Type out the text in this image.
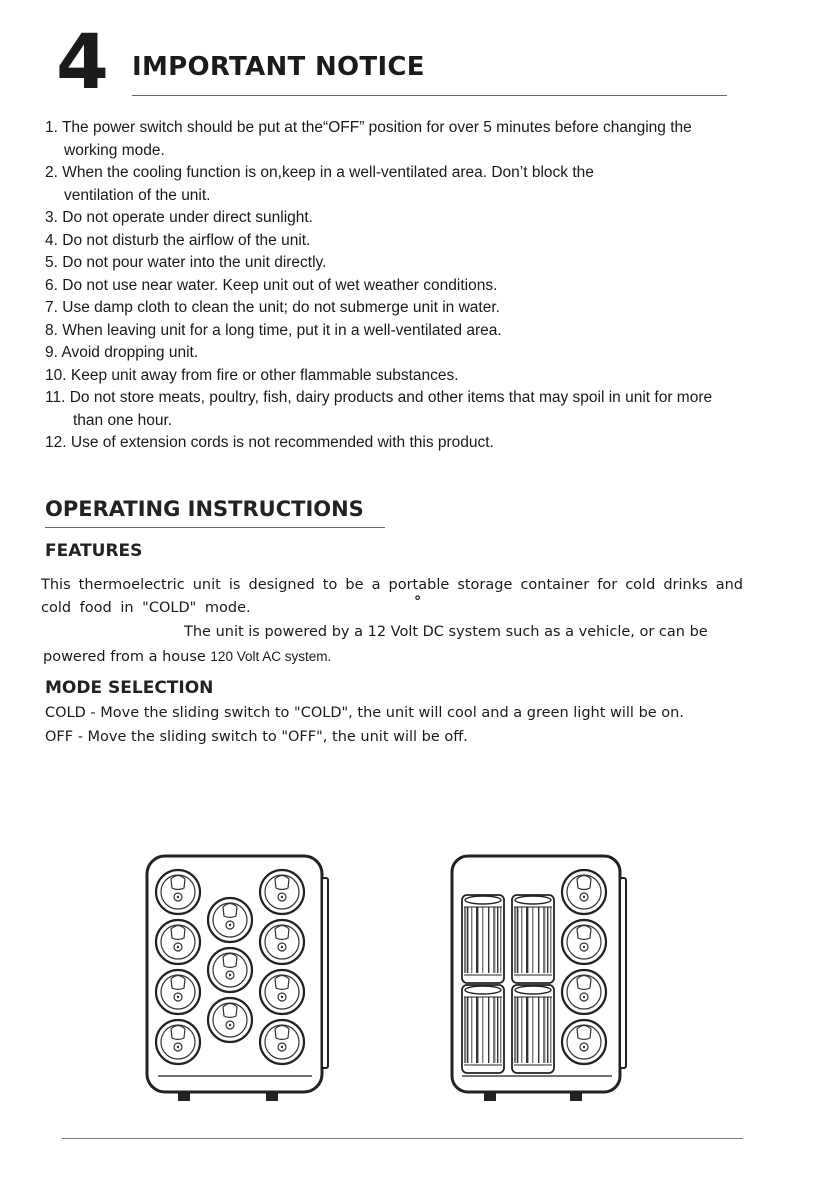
4 IMPORTANT NOTICE
1. The power switch should be put at the“OFF” position for over 5 minutes before changing the
working mode.
2. When the cooling function is on,keep in a well-ventilated area. Don’t block the
ventilation of the unit.
3. Do not operate under direct sunlight.
4. Do not disturb the airflow of the unit.
5. Do not pour water into the unit directly.
6. Do not use near water. Keep unit out of wet weather conditions.
7. Use damp cloth to clean the unit; do not submerge unit in water.
8. When leaving unit for a long time, put it in a well-ventilated area.
9. Avoid dropping unit.
10. Keep unit away from fire or other flammable substances.
11. Do not store meats, poultry, fish, dairy products and other items that may spoil in unit for more
than one hour.
12. Use of extension cords is not recommended with this product.
OPERATING INSTRUCTIONS
FEATURES
This thermoelectric unit is designed to be a portable storage container for cold drinks and
cold food in "COLD" mode.	°
The unit is powered by a 12 Volt DC system such as a vehicle, or can be
powered from a house 120 Volt AC system.
MODE SELECTION
COLD - Move the sliding switch to "COLD", the unit will cool and a green light will be on.
OFF - Move the sliding switch to "OFF", the unit will be off.
